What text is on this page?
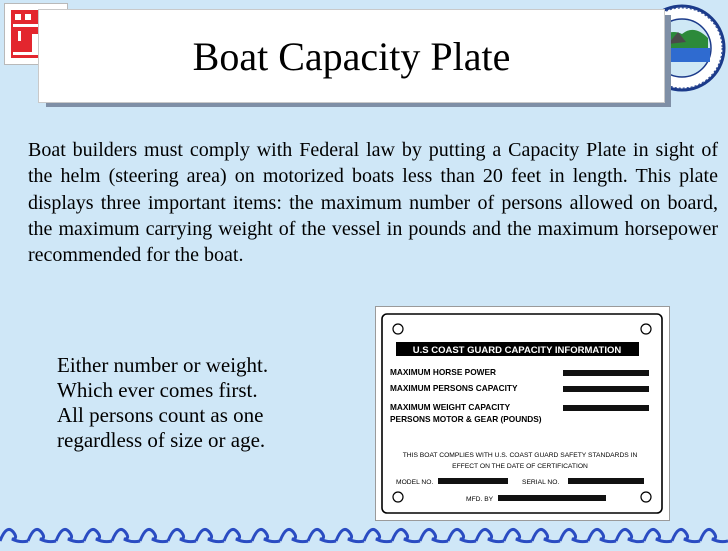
Boat Capacity Plate
Boat builders must comply with Federal law by putting a Capacity Plate in sight of the helm (steering area) on motorized boats less than 20 feet in length. This plate displays three important items: the maximum number of persons allowed on board, the maximum carrying weight of the vessel in pounds and the maximum horsepower recommended for the boat.
Either number or weight.
Which ever comes first.
All persons count as one
regardless of size or age.
U.S COAST GUARD CAPACITY INFORMATION
MAXIMUM HORSE POWER
MAXIMUM PERSONS CAPACITY
MAXIMUM WEIGHT CAPACITY
PERSONS MOTOR & GEAR (POUNDS)
THIS BOAT COMPLIES WITH U.S. COAST GUARD SAFETY STANDARDS IN
EFFECT ON THE DATE OF CERTIFICATION
MODEL NO.	SERIAL NO.
MFD. BY
